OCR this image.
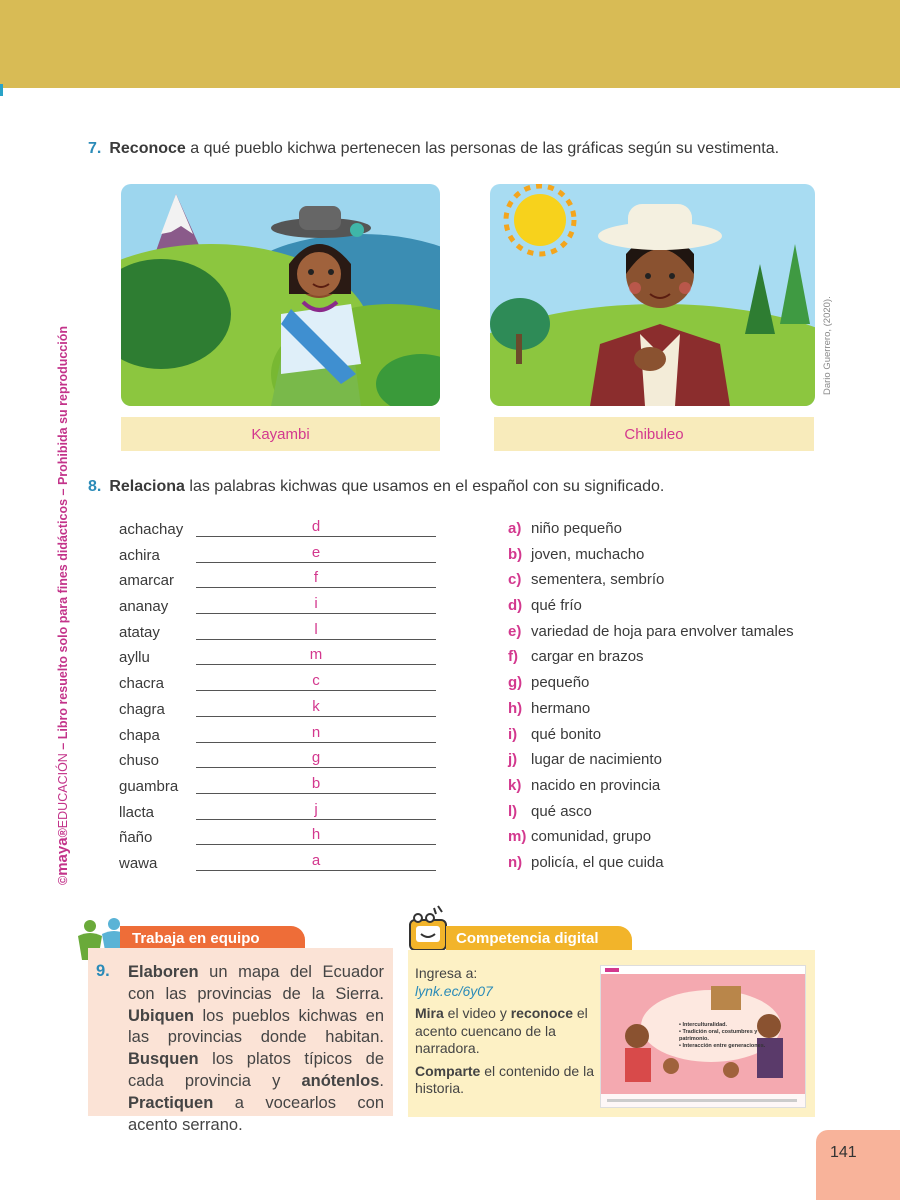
©maya®EDUCACIÓN – Libro resuelto solo para fines didácticos – Prohibida su reproducción
7. Reconoce a qué pueblo kichwa pertenecen las personas de las gráficas según su vestimenta.
Kayambi	Chibuleo
Dario Guerrero, (2020).
8. Relaciona las palabras kichwas que usamos en el español con su significado.
achachay	d
achira	e
amarcar	f
ananay	i
atatay	l
ayllu	m
chacra	c
chagra	k
chapa	n
chuso	g
guambra	b
llacta	j
ñaño	h
wawa	a
a) niño pequeño
b) joven, muchacho
c) sementera, sembrío
d) qué frío
e) variedad de hoja para envolver tamales
f) cargar en brazos
g) pequeño
h) hermano
i) qué bonito
j) lugar de nacimiento
k) nacido en provincia
l) qué asco
m) comunidad, grupo
n) policía, el que cuida
Trabaja en equipo
9. Elaboren un mapa del Ecuador con las provincias de la Sierra. Ubiquen los pueblos kichwas en las provincias donde habitan. Busquen los platos típicos de cada provincia y anótenlos. Practiquen a vocearlos con acento serrano.
Competencia digital

Ingresa a:
lynk.ec/6y07

Mira el video y reconoce el acento cuencano de la narradora.

Comparte el contenido de la historia.

• Interculturalidad.
• Tradición oral, costumbres y patrimonio.
• Interacción entre generaciones.
141
